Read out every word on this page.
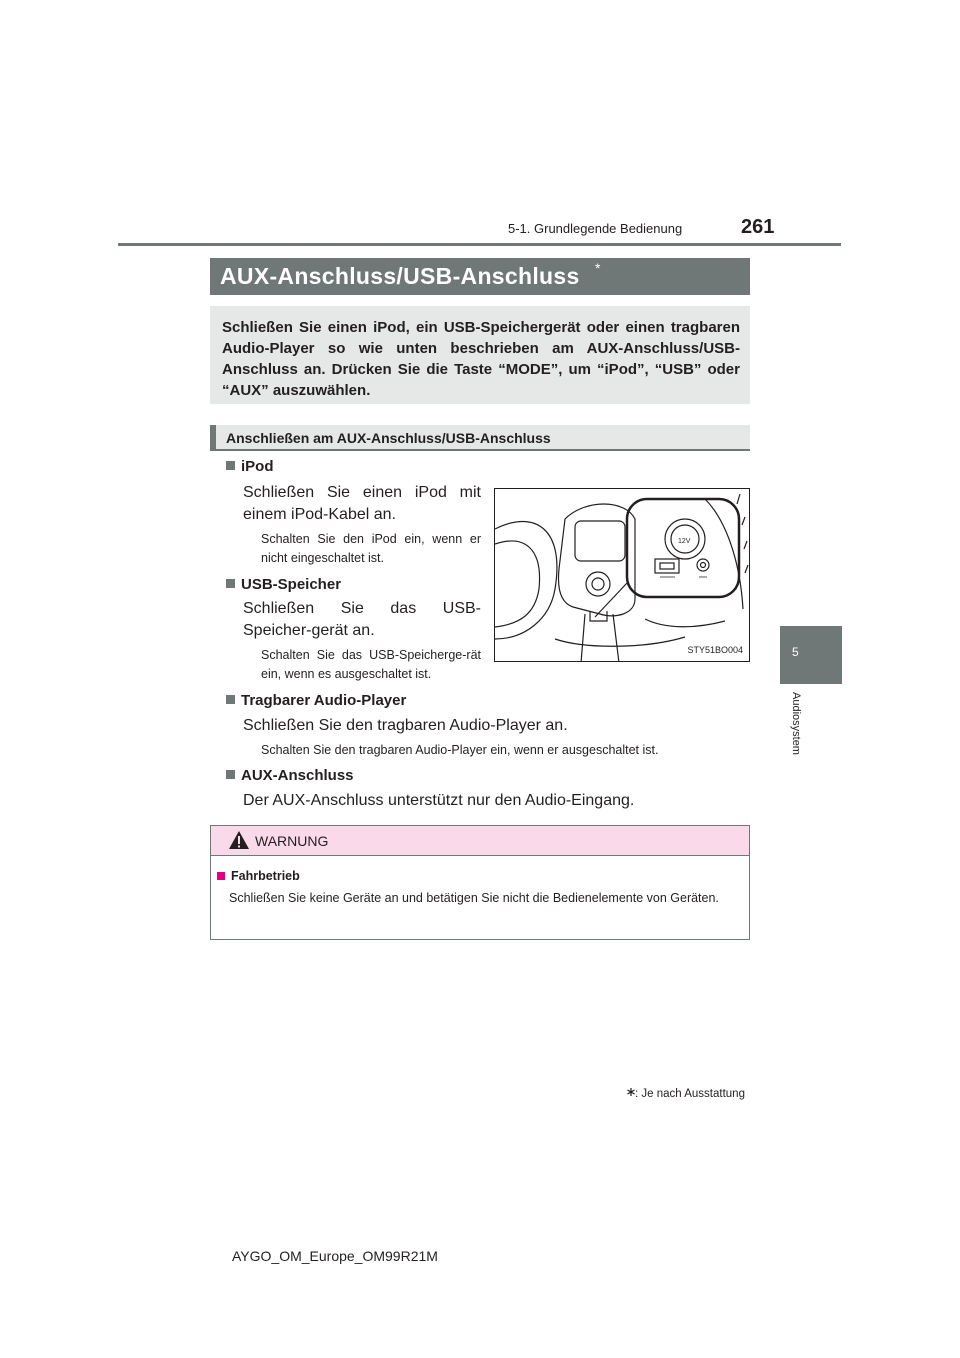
5-1. Grundlegende Bedienung	261
5
Audiosystem
AUX-Anschluss/USB-Anschluss *

Schließen Sie einen iPod, ein USB-Speichergerät oder einen tragbaren Audio-Player so wie unten beschrieben am AUX-Anschluss/USB-Anschluss an. Drücken Sie die Taste “MODE”, um “iPod”, “USB” oder “AUX” auszuwählen.

Anschließen am AUX-Anschluss/USB-Anschluss
iPod
Schließen Sie einen iPod mit einem iPod-Kabel an.
Schalten Sie den iPod ein, wenn er nicht eingeschaltet ist.
USB-Speicher
Schließen Sie das USB-Speicher-gerät an.
Schalten Sie das USB-Speicherge-rät ein, wenn es ausgeschaltet ist.
12V
STY51BO004
Tragbarer Audio-Player
Schließen Sie den tragbaren Audio-Player an.
Schalten Sie den tragbaren Audio-Player ein, wenn er ausgeschaltet ist.
AUX-Anschluss
Der AUX-Anschluss unterstützt nur den Audio-Eingang.
WARNUNG
Fahrbetrieb
Schließen Sie keine Geräte an und betätigen Sie nicht die Bedienelemente von Geräten.
: Je nach Ausstattung
AYGO_OM_Europe_OM99R21M
